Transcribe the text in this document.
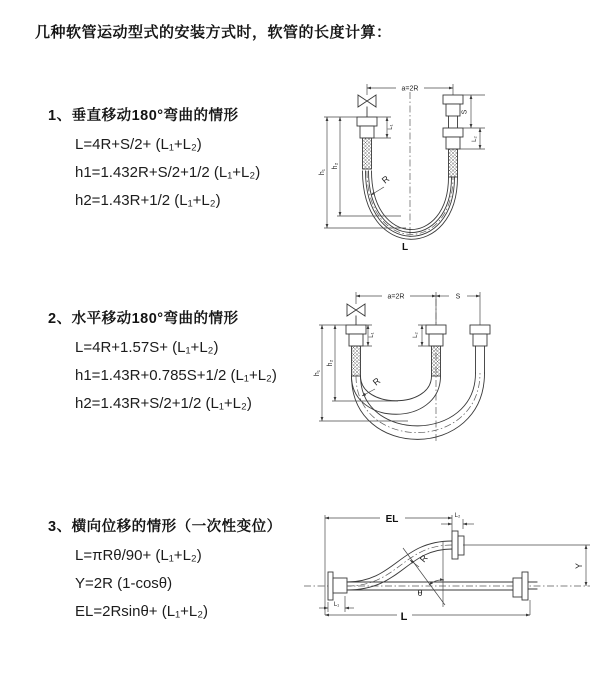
几种软管运动型式的安装方式时，软管的长度计算：
1、垂直移动180°弯曲的情形
L=4R+S/2+ (L₁+L₂)
h1=1.432R+S/2+1/2 (L₁+L₂)
h2=1.43R+1/2 (L₁+L₂)
2、水平移动180°弯曲的情形
L=4R+1.57S+ (L₁+L₂)
h1=1.43R+0.785S+1/2 (L₁+L₂)
h2=1.43R+S/2+1/2 (L₁+L₂)
3、横向位移的情形（一次性变位）
L=πRθ/90+ (L₁+L₂)
Y=2R (1-cosθ)
EL=2Rsinθ+ (L₁+L₂)
a=2R
S
L₂
h₁
h₂
L₁
R
L
a=2R	S
h₁
h₂
L₁	L₂
R
EL	L₂
θ
R
Y
L
L₁
